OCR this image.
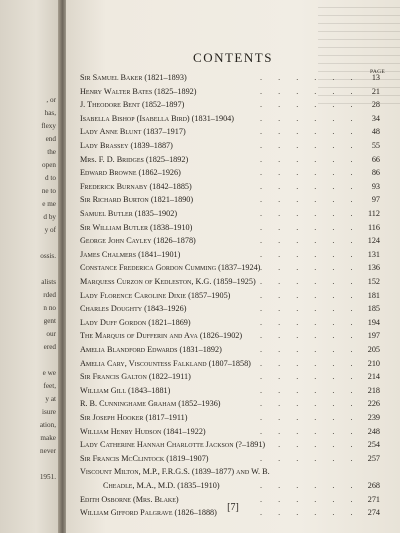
, or
has,
flexy
end
the
open
d to
ne to
e me
d by
y of
ossis.
alists
rded
n no
gent
our
ered
e we
feet,
y at
isure
ation,
make
never
1951.
CONTENTS
PAGE
Sir Samuel Baker (1821–1893)	. . . . . .	13
Henry Walter Bates (1825–1892)	. . . . . .	21
J. Theodore Bent (1852–1897)	. . . . . .	28
Isabella Bishop (Isabella Bird) (1831–1904)	. . . . . .	34
Lady Anne Blunt (1837–1917)	. . . . . .	48
Lady Brassey (1839–1887)	. . . . . .	55
Mrs. F. D. Bridges (1825–1892)	. . . . . .	66
Edward Browne (1862–1926)	. . . . . .	86
Frederick Burnaby (1842–1885)	. . . . . .	93
Sir Richard Burton (1821–1890)	. . . . . .	97
Samuel Butler (1835–1902)	. . . . . .	112
Sir William Butler (1838–1910)	. . . . . .	116
George John Cayley (1826–1878)	. . . . . .	124
James Chalmers (1841–1901)	. . . . . .	131
Constance Frederica Gordon Cumming (1837–1924) . . . . . .	136
Marquess Curzon of Kedleston, K.G. (1859–1925) . . . . . .	152
Lady Florence Caroline Dixie (1857–1905)	. . . . . .	181
Charles Doughty (1843–1926)	. . . . . .	185
Lady Duff Gordon (1821–1869)	. . . . . .	194
The Marquis of Dufferin and Ava (1826–1902) . . . . . .	197
Amelia Blandford Edwards (1831–1892)	. . . . . .	205
Amelia Cary, Viscountess Falkland (1807–1858) . . . . . .	210
Sir Francis Galton (1822–1911)	. . . . . .	214
William Gill (1843–1881)	. . . . . .	218
R. B. Cunninghame Graham (1852–1936)	. . . . . .	226
Sir Joseph Hooker (1817–1911)	. . . . . .	239
William Henry Hudson (1841–1922)	. . . . . .	248
Lady Catherine Hannah Charlotte Jackson (?–1891)
. . . . . .	254
Sir Francis McClintock (1819–1907)	. . . . . .	257
Viscount Milton, M.P., F.R.G.S. (1839–1877) and W. B.
Cheadle, M.A., M.D. (1835–1910)	. . . . . .	268
Edith Osborne (Mrs. Blake)	. . . . . .	271
William Gifford Palgrave (1826–1888)	. . . . . .	274
[7]
